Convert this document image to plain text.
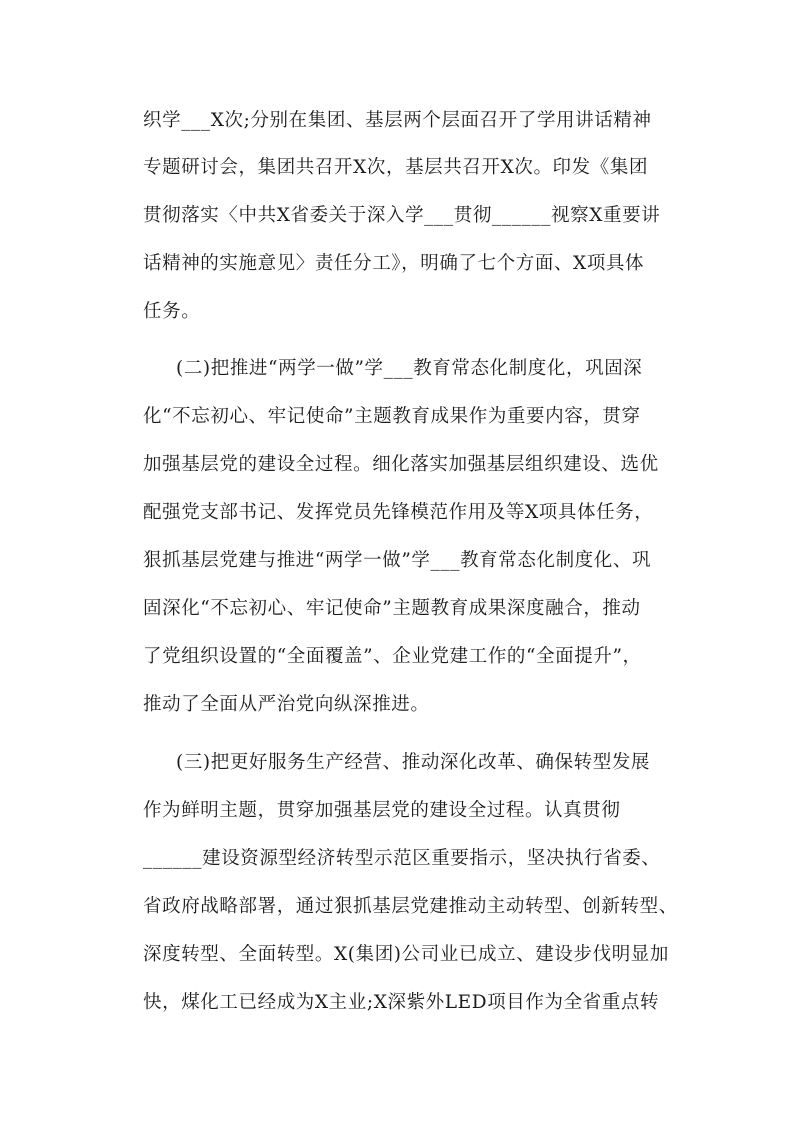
织学___X次;分别在集团、基层两个层面召开了学用讲话精神
专题研讨会，集团共召开X次，基层共召开X次。印发《集团
贯彻落实〈中共X省委关于深入学___贯彻______视察X重要讲
话精神的实施意见〉责任分工》，明确了七个方面、X项具体
任务。
(二)把推进“两学一做”学___教育常态化制度化，巩固深
化“不忘初心、牢记使命”主题教育成果作为重要内容，贯穿
加强基层党的建设全过程。细化落实加强基层组织建设、选优
配强党支部书记、发挥党员先锋模范作用及等X项具体任务，
狠抓基层党建与推进“两学一做”学___教育常态化制度化、巩
固深化“不忘初心、牢记使命”主题教育成果深度融合，推动
了党组织设置的“全面覆盖”、企业党建工作的“全面提升”，
推动了全面从严治党向纵深推进。
(三)把更好服务生产经营、推动深化改革、确保转型发展
作为鲜明主题，贯穿加强基层党的建设全过程。认真贯彻
______建设资源型经济转型示范区重要指示，坚决执行省委、
省政府战略部署，通过狠抓基层党建推动主动转型、创新转型、
深度转型、全面转型。X(集团)公司业已成立、建设步伐明显加
快，煤化工已经成为X主业;X深紫外LED项目作为全省重点转
